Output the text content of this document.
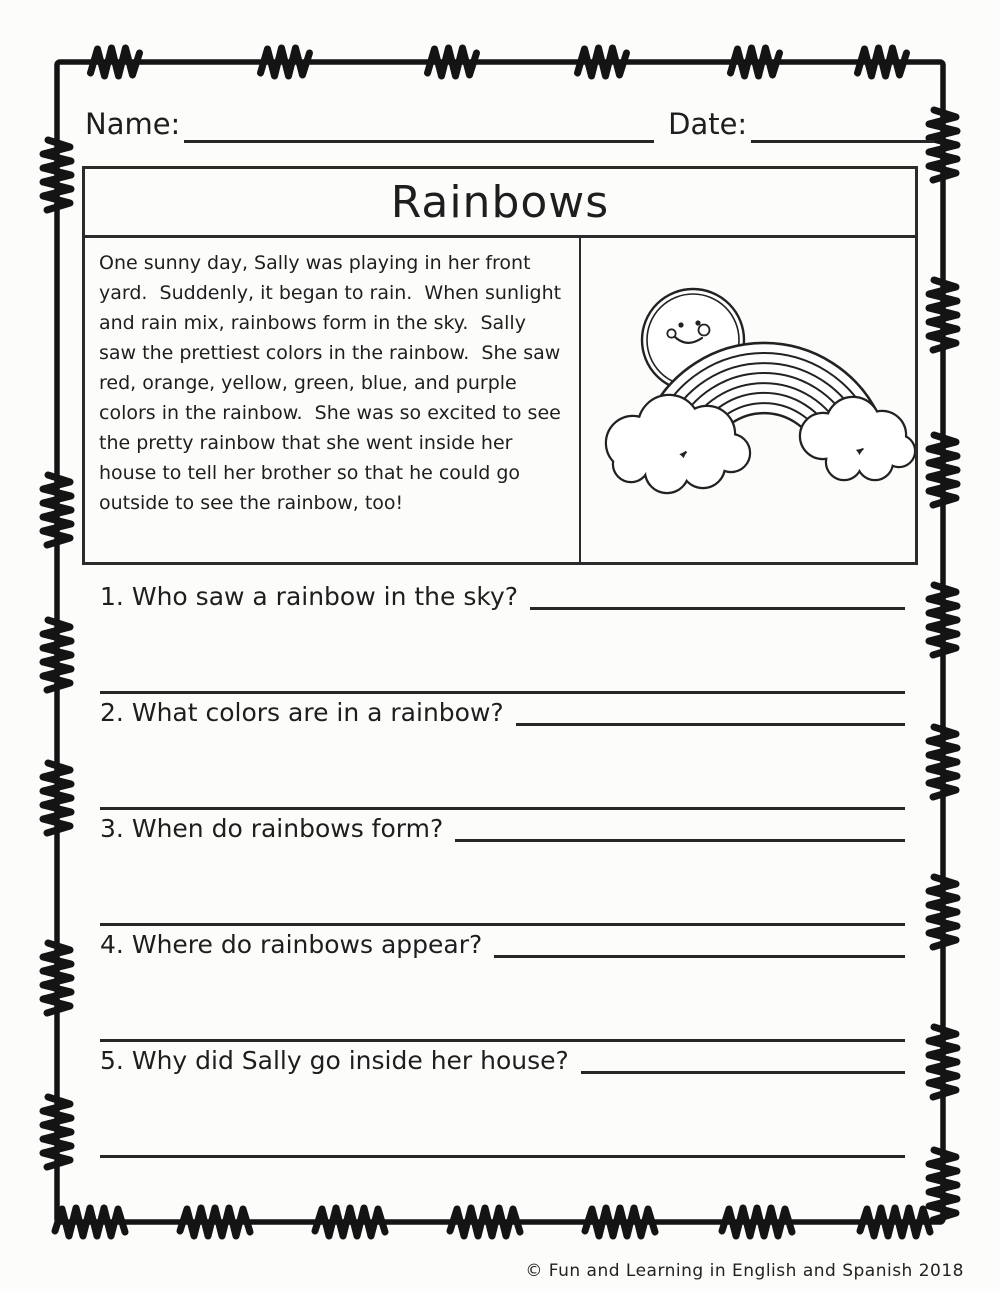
Name:	Date:
Rainbows
One sunny day, Sally was playing in her front yard.  Suddenly, it began to rain.  When sunlight and rain mix, rainbows form in the sky.  Sally saw the prettiest colors in the rainbow.  She saw red, orange, yellow, green, blue, and purple colors in the rainbow.  She was so excited to see the pretty rainbow that she went inside her house to tell her brother so that he could go outside to see the rainbow, too!
1. Who saw a rainbow in the sky?
2. What colors are in a rainbow?
3. When do rainbows form?
4. Where do rainbows appear?
5. Why did Sally go inside her house?
© Fun and Learning in English and Spanish 2018
